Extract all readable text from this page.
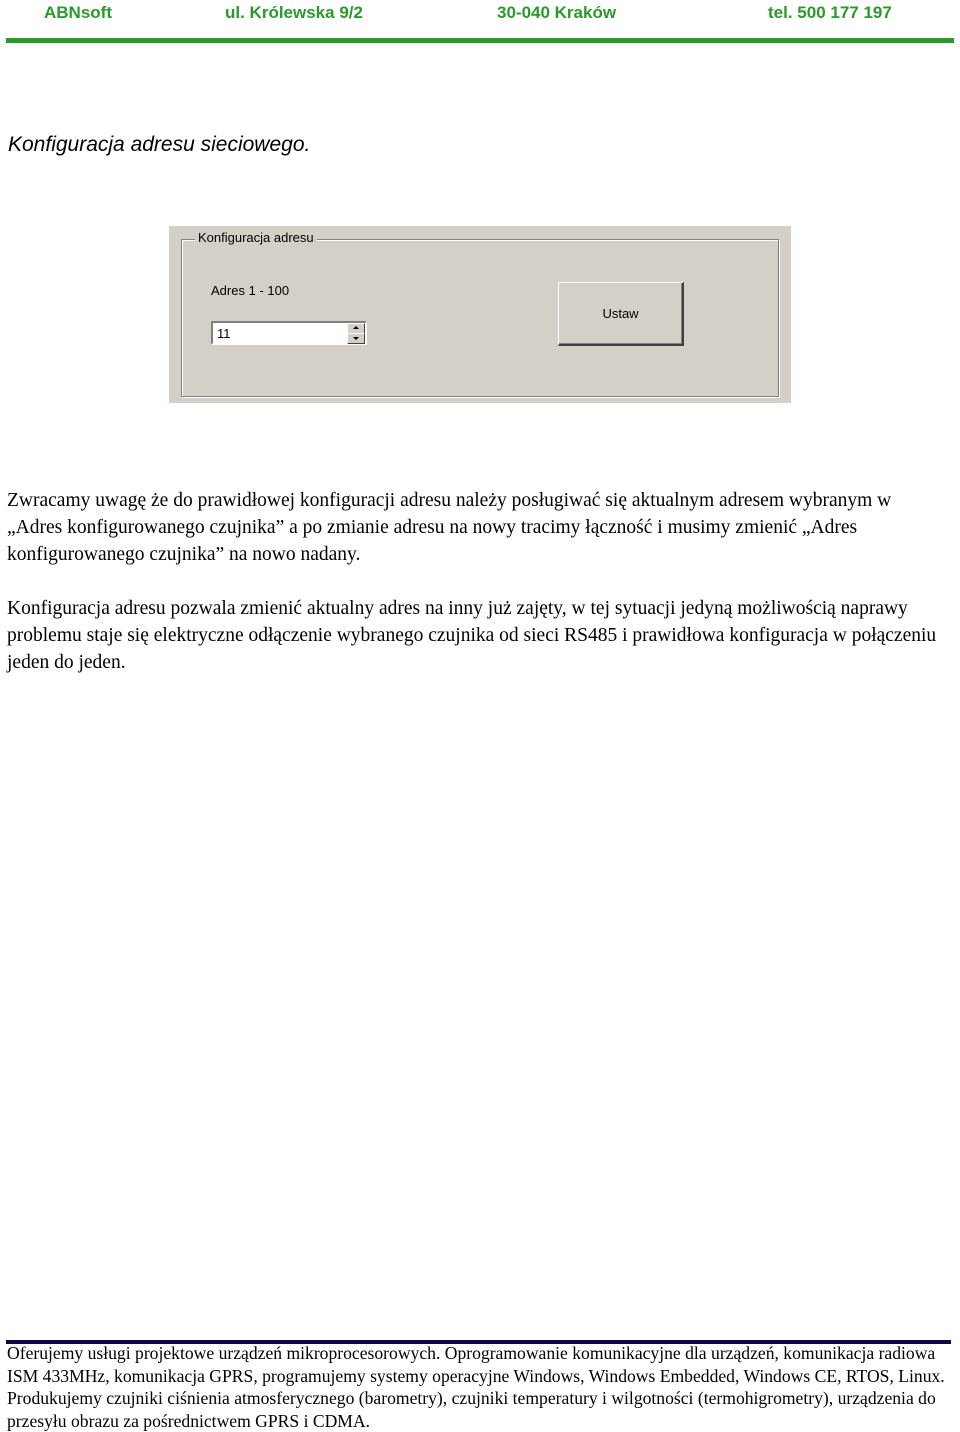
ABNsoft	ul. Królewska 9/2	30-040 Kraków	tel. 500 177 197
Konfiguracja adresu sieciowego.
Konfiguracja adresu
Adres 1 - 100
11
Ustaw

Zwracamy uwagę że do prawidłowej konfiguracji adresu należy posługiwać się aktualnym adresem wybranym w „Adres konfigurowanego czujnika” a po zmianie adresu na nowy tracimy łączność i musimy zmienić „Adres konfigurowanego czujnika” na nowo nadany.

Konfiguracja adresu pozwala zmienić aktualny adres na inny już zajęty, w tej sytuacji jedyną możliwością naprawy problemu staje się elektryczne odłączenie wybranego czujnika od sieci RS485 i prawidłowa konfiguracja w połączeniu jeden do jeden.

Oferujemy usługi projektowe urządzeń mikroprocesorowych. Oprogramowanie komunikacyjne dla urządzeń, komunikacja radiowa ISM 433MHz, komunikacja GPRS, programujemy systemy operacyjne Windows, Windows Embedded, Windows CE, RTOS, Linux. Produkujemy czujniki ciśnienia atmosferycznego (barometry), czujniki temperatury i wilgotności (termohigrometry), urządzenia do przesyłu obrazu za pośrednictwem GPRS i CDMA.
